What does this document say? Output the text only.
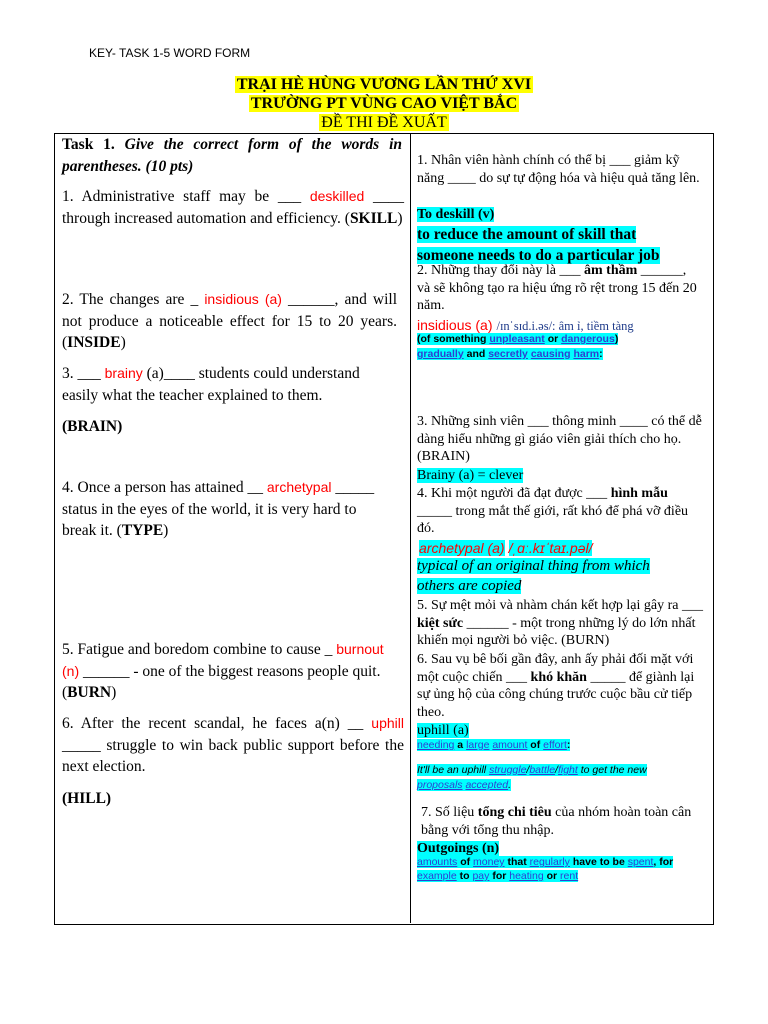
KEY- TASK 1-5 WORD FORM
TRẠI HÈ HÙNG VƯƠNG LẦN THỨ XVI
TRƯỜNG PT VÙNG CAO VIỆT BẮC
ĐỀ THI ĐỀ XUẤT
Task 1. Give the correct form of the words in parentheses. (10 pts)
1. Administrative staff may be ___ deskilled ____ through increased automation and efficiency. (SKILL)
2. The changes are _ insidious (a) ______, and will not produce a noticeable effect for 15 to 20 years. (INSIDE)
3. ___ brainy (a)____ students could understand easily what the teacher explained to them.
(BRAIN)
4. Once a person has attained __ archetypal _____ status in the eyes of the world, it is very hard to break it. (TYPE)
5. Fatigue and boredom combine to cause _ burnout (n) ______ - one of the biggest reasons people quit. (BURN)
6. After the recent scandal, he faces a(n) __ uphill _____ struggle to win back public support before the next election.
(HILL)
1. Nhân viên hành chính có thể bị ___ giảm kỹ năng ____ do sự tự động hóa và hiệu quả tăng lên.
To deskill (v)
to reduce the amount of skill that someone needs to do a particular job
2. Những thay đổi này là ___ âm thầm ______, và sẽ không tạo ra hiệu ứng rõ rệt trong 15 đến 20 năm.
insidious (a) /ɪnˈsɪd.i.əs/: âm ỉ, tiềm tàng
(of something unpleasant or dangerous) gradually and secretly causing harm:
3. Những sinh viên ___ thông minh ____ có thể dễ dàng hiểu những gì giáo viên giải thích cho họ. (BRAIN)
Brainy (a) = clever
4. Khi một người đã đạt được ___ hình mẫu _____ trong mắt thế giới, rất khó để phá vỡ điều đó.
archetypal (a) /ˌɑː.kɪˈtaɪ.pəl/
typical of an original thing from which others are copied
5. Sự mệt mỏi và nhàm chán kết hợp lại gây ra ___ kiệt sức ______ - một trong những lý do lớn nhất khiến mọi người bỏ việc. (BURN)
6. Sau vụ bê bối gần đây, anh ấy phải đối mặt với một cuộc chiến ___ khó khăn _____ để giành lại sự ủng hộ của công chúng trước cuộc bầu cử tiếp theo.
uphill (a)
needing a large amount of effort:
It'll be an uphill struggle/battle/fight to get the new proposals accepted.
7. Số liệu tổng chi tiêu của nhóm hoàn toàn cân bằng với tổng thu nhập.
Outgoings (n)
amounts of money that regularly have to be spent, for example to pay for heating or rent
